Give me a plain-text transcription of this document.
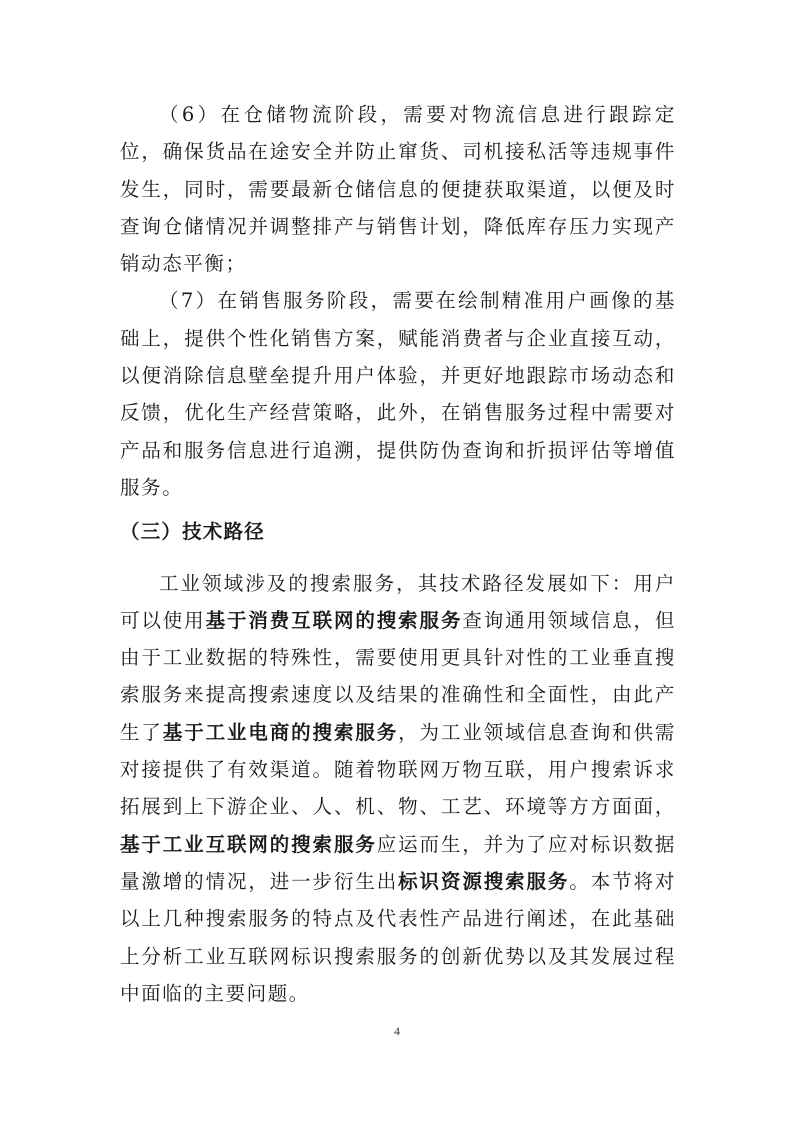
（6）在仓储物流阶段，需要对物流信息进行跟踪定位，确保货品在途安全并防止窜货、司机接私活等违规事件发生，同时，需要最新仓储信息的便捷获取渠道，以便及时查询仓储情况并调整排产与销售计划，降低库存压力实现产销动态平衡；

（7）在销售服务阶段，需要在绘制精准用户画像的基础上，提供个性化销售方案，赋能消费者与企业直接互动，以便消除信息壁垒提升用户体验，并更好地跟踪市场动态和反馈，优化生产经营策略，此外，在销售服务过程中需要对产品和服务信息进行追溯，提供防伪查询和折损评估等增值服务。

（三）技术路径

工业领域涉及的搜索服务，其技术路径发展如下：用户可以使用基于消费互联网的搜索服务查询通用领域信息，但由于工业数据的特殊性，需要使用更具针对性的工业垂直搜索服务来提高搜索速度以及结果的准确性和全面性，由此产生了基于工业电商的搜索服务，为工业领域信息查询和供需对接提供了有效渠道。随着物联网万物互联，用户搜索诉求拓展到上下游企业、人、机、物、工艺、环境等方方面面，基于工业互联网的搜索服务应运而生，并为了应对标识数据量激增的情况，进一步衍生出标识资源搜索服务。本节将对以上几种搜索服务的特点及代表性产品进行阐述，在此基础上分析工业互联网标识搜索服务的创新优势以及其发展过程中面临的主要问题。

4
